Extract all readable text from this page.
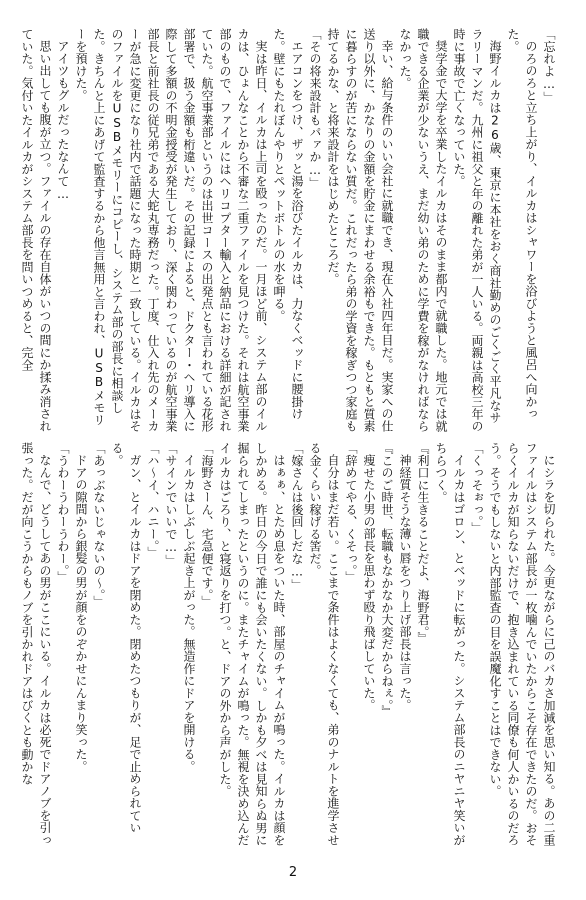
「忘れよ…」

のろのろと立ち上がり、イルカはシャワーを浴びようと風呂へ向かった。

海野イルカは26歳、東京に本社をおく商社勤めのごくごく平凡なサラリーマンだ。九州に祖父と年の離れた弟が一人いる。両親は高校三年の時に事故で亡くなっていた。

奨学金で大学を卒業したイルカはそのまま都内で就職した。地元では就職できる企業が少ないうえ、まだ幼い弟のために学費を稼がなければならなかった。

幸い、給与条件のいい会社に就職でき、現在入社四年目だ。実家への仕送り以外に、かなりの金額を貯金にまわせる余裕もできた。もともと質素に暮らすのが苦にならない質だ。これだったら弟の学資を稼ぎつつ家庭も持てるかな、と将来設計をはじめたところだ。

「その将来設計もパァか…」

エアコンをつけ、ザッと湯を浴びたイルカは、力なくベッドに腰掛けた。壁にもたれぼんやりとペットボトルの水を呷る。

実は昨日、イルカは上司を殴ったのだ。一月ほど前、システム部のイルカは、ひょんなことから不審な二重ファイルを見つけた。それは航空事業部のもので、ファイルにはヘリコプター輸入と納品における詳細が記されていた。航空事業部というのは出世コースの出発点とも言われている花形部署で、扱う金額も桁違いだ。その記録によると、ドクター・ヘリ導入に際して多額の不明金授受が発生しており、深く関わっているのが航空事業部長と前社長の従兄弟である大蛇丸専務だった。丁度、仕入れ先のメーカーが急に変更になり社内で話題になった時期と一致している。イルカはそのファイルをUSBメモリーにコピーし、システム部の部長に相談した。きちんと上にあげて監査するから他言無用と言われ、USBメモリーを預けた。

アイツもグルだったなんて…

思い出しても腹が立つ。ファイルの存在自体がいつの間にか揉み消されていた。気付いたイルカがシステム部長を問いつめると、完全

にシラを切られた。今更ながらに己のバカさ加減を思い知る。あの二重ファイルはシステム部長が一枚噛んでいたからこそ存在できたのだ。おそらくイルカが知らないだけで、抱き込まれている同僚も何人かいるのだろう。そうでもしないと内部監査の目を誤魔化すことはできない。

「くっそぉっ。」

イルカはゴロン、とベッドに転がった。システム部長のニヤニヤ笑いがちらつく。

『利口に生きることだよ、海野君。』

神経質そうな薄い唇をつり上げ部長は言った。

『このご時世、転職もなかなか大変だからねぇ。』

痩せた小男の部長を思わず殴り飛ばしていた。

「辞めてやる、くそっ。」

自分はまだ若い。ここまで条件はよくなくても、弟のナルトを進学させる金くらい稼げる筈だ。

「嫁さんは後回しだな…」

はぁぁ、とため息をついた時、部屋のチャイムが鳴った。イルカは顔をしかめる。昨日の今日で誰にも会いたくない。しかも夕べは見知らぬ男に掘られてしまったというのに。またチャイムが鳴った。無視を決め込んだイルカはごろり、と寝返りを打つ。と、ドアの外から声がした。

「海野さーん、宅急便です。」

イルカはしぶしぶ起き上がった。無造作にドアを開ける。

「サインでいいで…」

「ハ〜イ、ハニー。」

ガン、とイルカはドアを閉めた。閉めたつもりが、足で止められている。

「あっぶないじゃないの〜。」

ドアの隙間から銀髪の男が顔をのぞかせにんまり笑った。

「うわーうわーうわー。」

なんで、どうしてあの男がここにいる。イルカは必死でドアノブを引っ張った。だが向こうからもノブを引かれドアはびくとも動かな

2
